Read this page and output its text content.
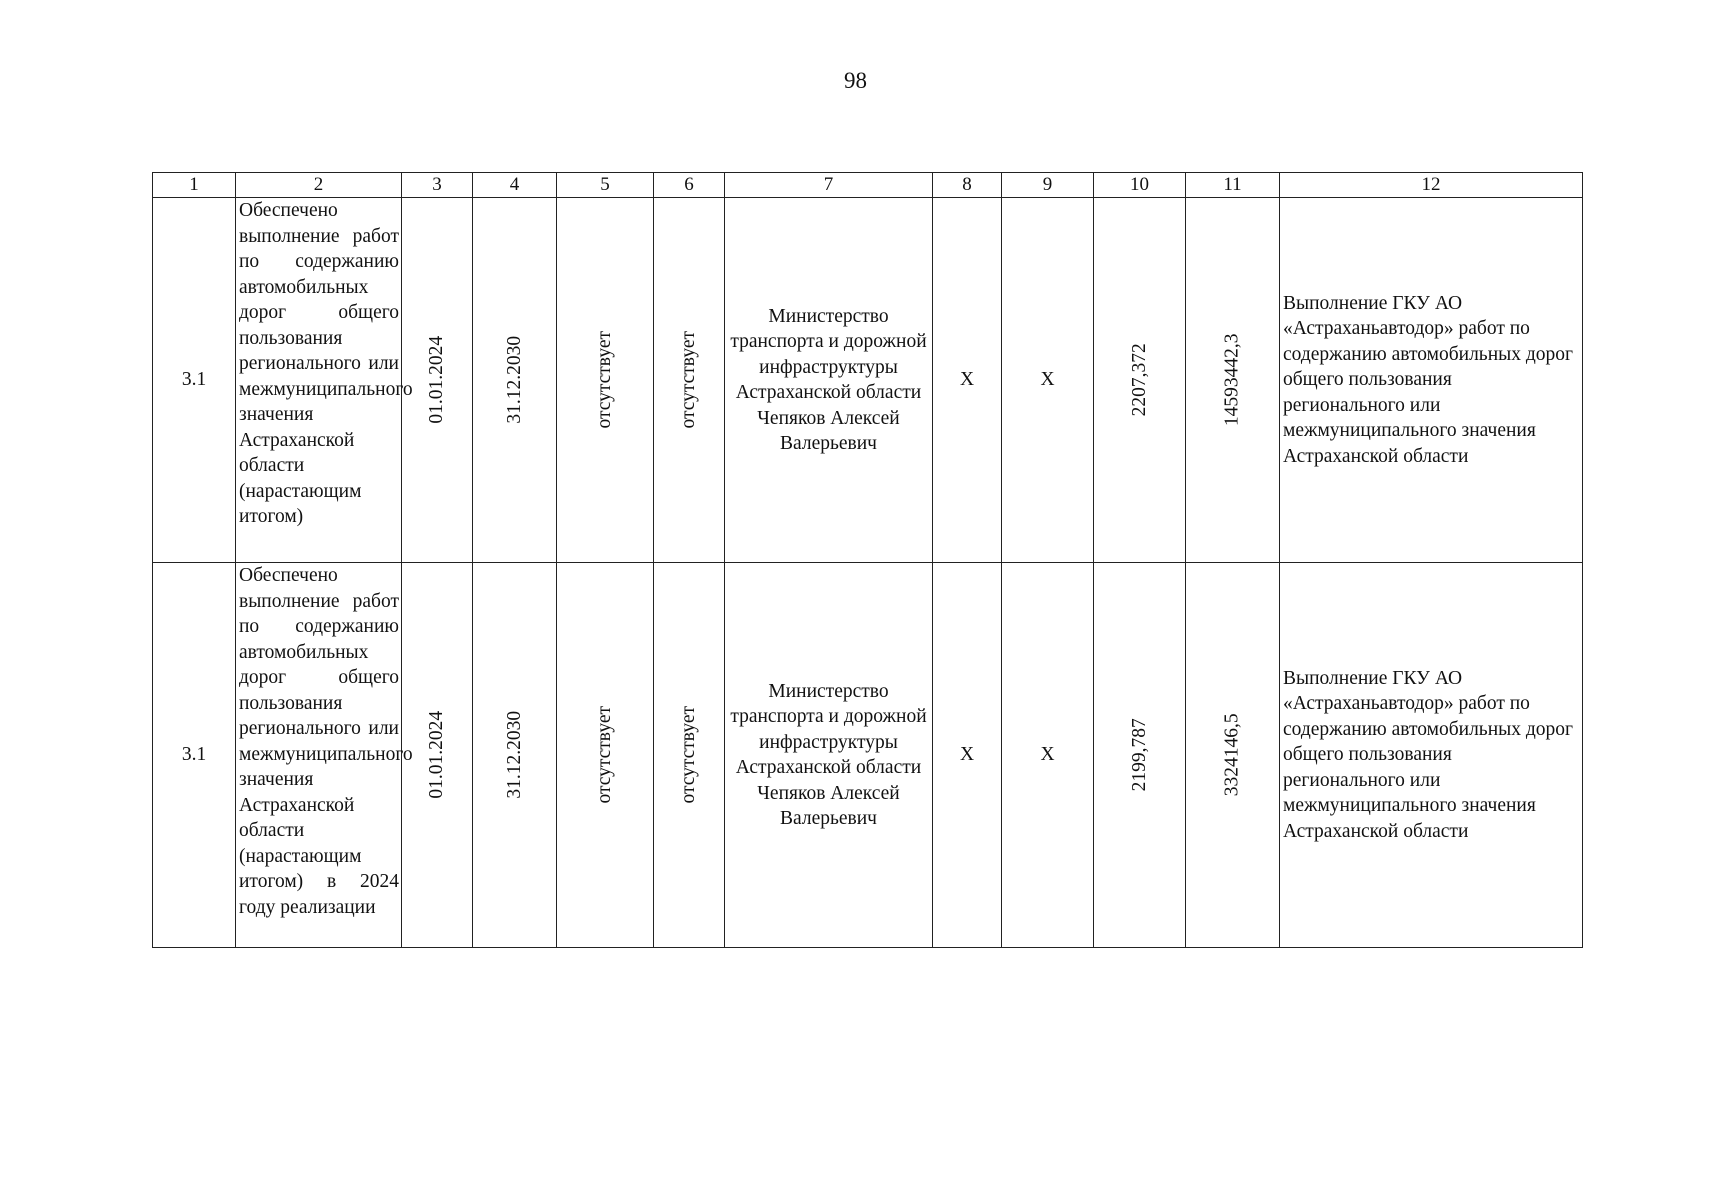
98
1	2	3	4	5	6	7	8	9	10	11	12
3.1	Обеспечено выполнение работ по содержанию автомобильных дорог общего пользования регионального или межмуниципального значения Астраханской области (нарастающим итогом)	01.01.2024	31.12.2030	отсутствует	отсутствует	Министерство транспорта и дорожной инфраструктуры Астраханской области Чепяков Алексей Валерьевич	Х	Х	2207,372	14593442,3	Выполнение ГКУ АО «Астраханьавтодор» работ по содержанию автомобильных дорог общего пользования регионального или межмуниципального значения Астраханской области
3.1	Обеспечено выполнение работ по содержанию автомобильных дорог общего пользования регионального или межмуниципального значения Астраханской области (нарастающим итогом) в 2024 году реализации	01.01.2024	31.12.2030	отсутствует	отсутствует	Министерство транспорта и дорожной инфраструктуры Астраханской области Чепяков Алексей Валерьевич	Х	Х	2199,787	3324146,5	Выполнение ГКУ АО «Астраханьавтодор» работ по содержанию автомобильных дорог общего пользования регионального или межмуниципального значения Астраханской области
